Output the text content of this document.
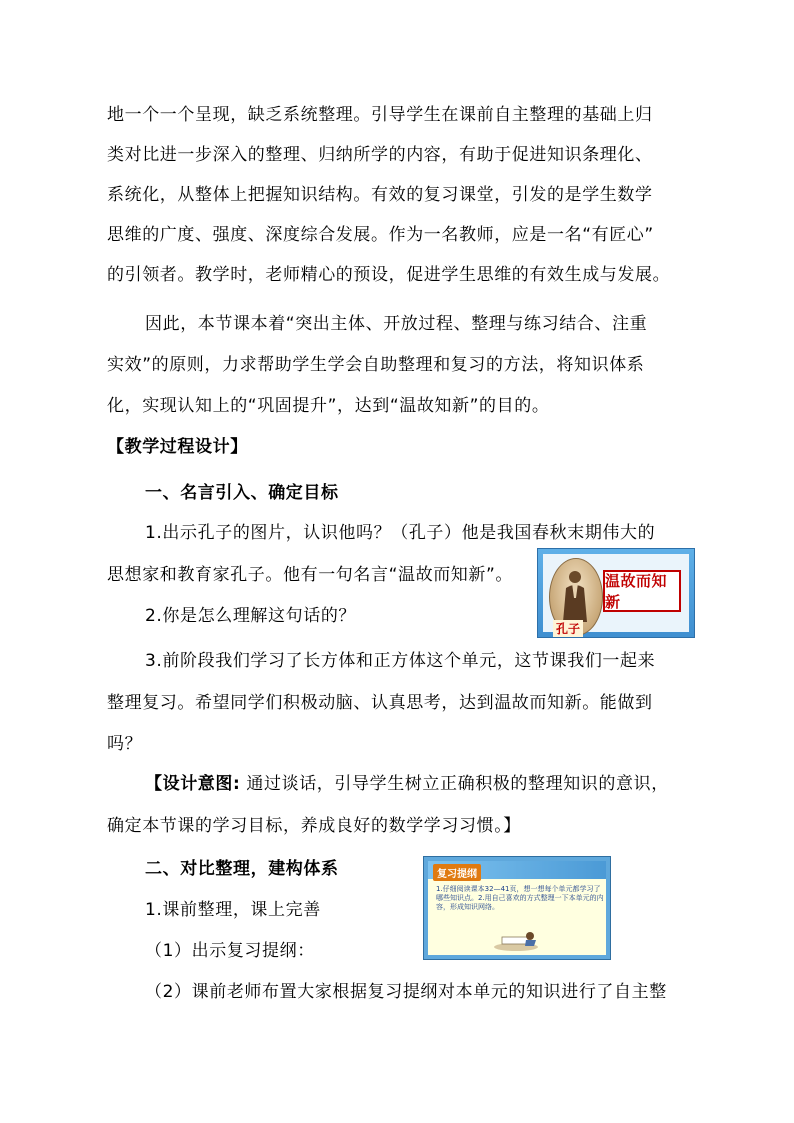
地一个一个呈现，缺乏系统整理。引导学生在课前自主整理的基础上归
类对比进一步深入的整理、归纳所学的内容，有助于促进知识条理化、
系统化，从整体上把握知识结构。有效的复习课堂，引发的是学生数学
思维的广度、强度、深度综合发展。作为一名教师，应是一名“有匠心”
的引领者。教学时，老师精心的预设，促进学生思维的有效生成与发展。
因此，本节课本着“突出主体、开放过程、整理与练习结合、注重
实效”的原则，力求帮助学生学会自助整理和复习的方法，将知识体系
化，实现认知上的“巩固提升”，达到“温故知新”的目的。
【教学过程设计】
一、名言引入、确定目标
1.出示孔子的图片，认识他吗？（孔子）他是我国春秋末期伟大的
思想家和教育家孔子。他有一句名言“温故而知新”。
2.你是怎么理解这句话的？
3.前阶段我们学习了长方体和正方体这个单元，这节课我们一起来
整理复习。希望同学们积极动脑、认真思考，达到温故而知新。能做到
吗？
【设计意图: 通过谈话，引导学生树立正确积极的整理知识的意识，
确定本节课的学习目标，养成良好的数学学习习惯。】
二、对比整理，建构体系
1.课前整理，课上完善
（1）出示复习提纲：
（2）课前老师布置大家根据复习提纲对本单元的知识进行了自主整
孔子
温故而知新
复习提纲
1.仔细阅读课本32—41页，想一想每个单元都学习了哪些知识点。2.用自己喜欢的方式整理一下本单元的内容，形成知识网络。
